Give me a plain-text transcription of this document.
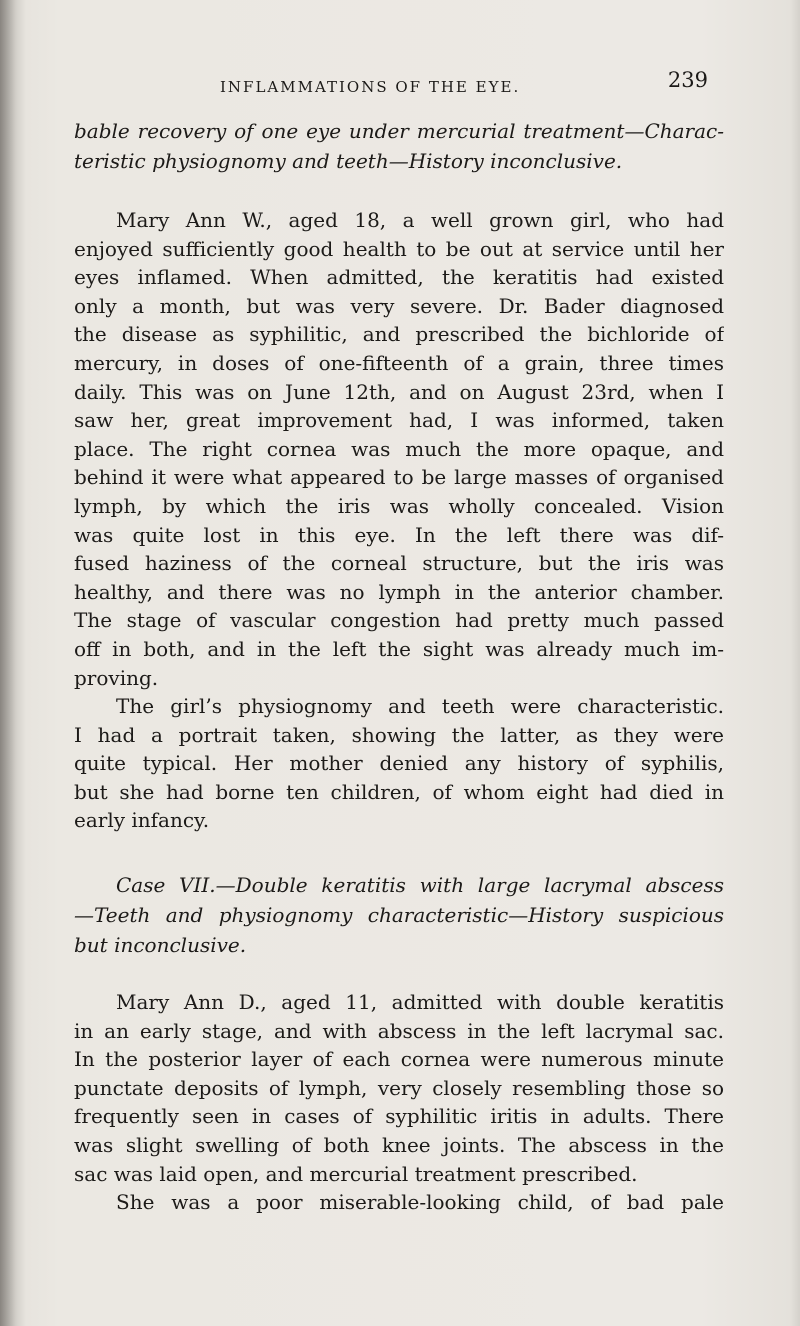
INFLAMMATIONS OF THE EYE.	239
bable recovery of one eye under mercurial treatment—Charac-
teristic physiognomy and teeth—History inconclusive.
Mary Ann W., aged 18, a well grown girl, who had
enjoyed sufficiently good health to be out at service until her
eyes inflamed. When admitted, the keratitis had existed
only a month, but was very severe. Dr. Bader diagnosed
the disease as syphilitic, and prescribed the bichloride of
mercury, in doses of one-fifteenth of a grain, three times
daily. This was on June 12th, and on August 23rd, when I
saw her, great improvement had, I was informed, taken
place. The right cornea was much the more opaque, and
behind it were what appeared to be large masses of organised
lymph, by which the iris was wholly concealed. Vision
was quite lost in this eye. In the left there was dif-
fused haziness of the corneal structure, but the iris was
healthy, and there was no lymph in the anterior chamber.
The stage of vascular congestion had pretty much passed
off in both, and in the left the sight was already much im-
proving.
The girl’s physiognomy and teeth were characteristic.
I had a portrait taken, showing the latter, as they were
quite typical. Her mother denied any history of syphilis,
but she had borne ten children, of whom eight had died in
early infancy.
Case VII.—Double keratitis with large lacrymal abscess
—Teeth and physiognomy characteristic—History suspicious
but inconclusive.
Mary Ann D., aged 11, admitted with double keratitis
in an early stage, and with abscess in the left lacrymal sac.
In the posterior layer of each cornea were numerous minute
punctate deposits of lymph, very closely resembling those so
frequently seen in cases of syphilitic iritis in adults. There
was slight swelling of both knee joints. The abscess in the
sac was laid open, and mercurial treatment prescribed.
She was a poor miserable-looking child, of bad pale
